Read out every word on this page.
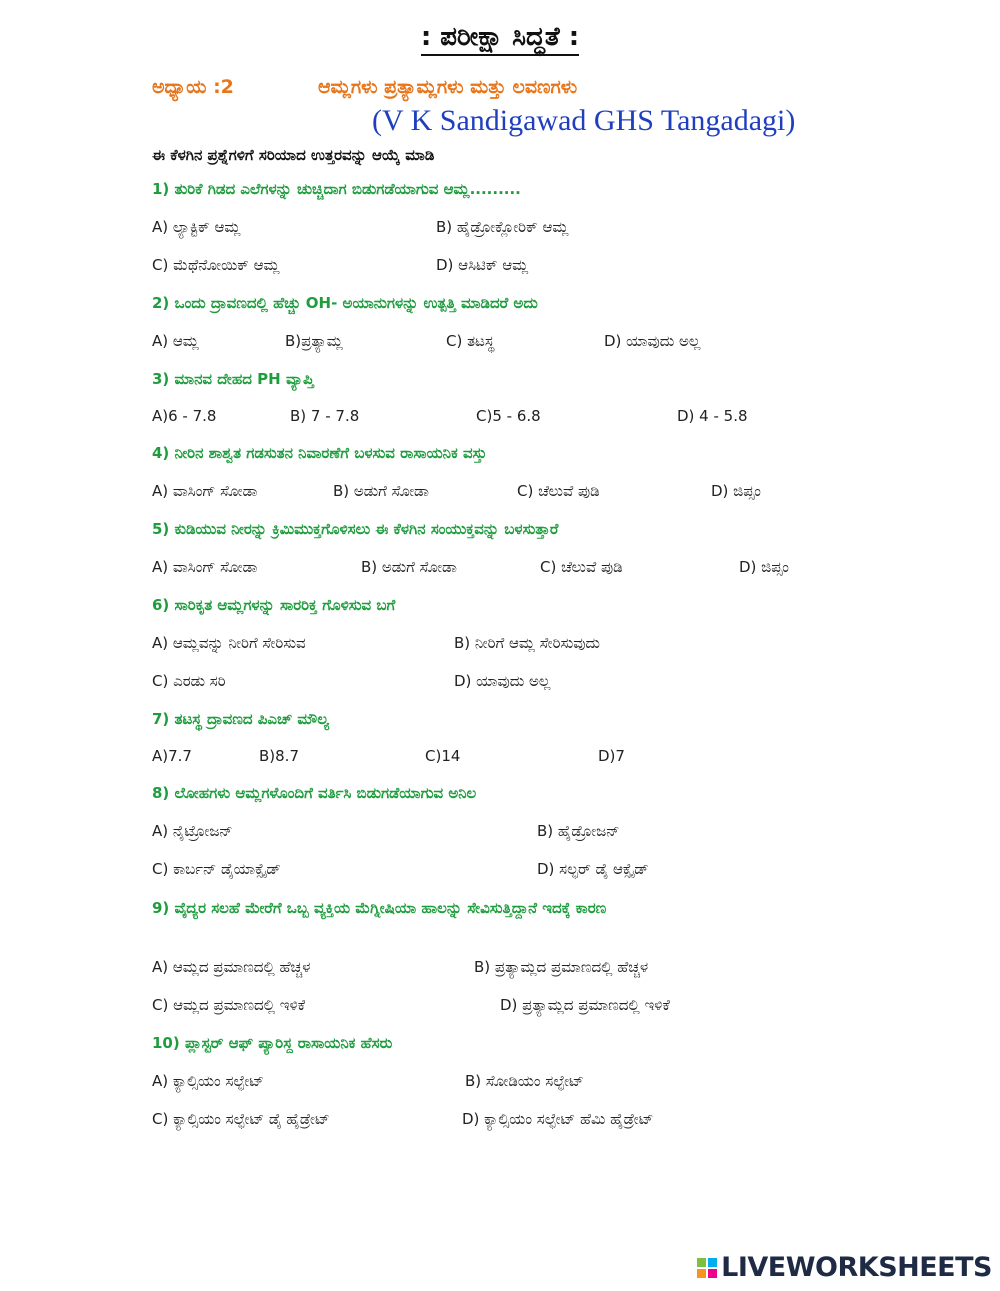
: ಪರೀಕ್ಷಾ ಸಿದ್ಧತೆ :
ಅಧ್ಯಾಯ :2	ಆಮ್ಲಗಳು ಪ್ರತ್ಯಾಮ್ಲಗಳು ಮತ್ತು ಲವಣಗಳು
(V K Sandigawad GHS Tangadagi)
ಈ ಕೆಳಗಿನ ಪ್ರಶ್ನೆಗಳಿಗೆ ಸರಿಯಾದ ಉತ್ತರವನ್ನು ಆಯ್ಕೆ ಮಾಡಿ
1) ತುರಿಕೆ ಗಿಡದ ಎಲೆಗಳನ್ನು ಚುಚ್ಚಿದಾಗ ಬಿಡುಗಡೆಯಾಗುವ ಆಮ್ಲ.........
A) ಲ್ಯಾಕ್ಟಿಕ್ ಆಮ್ಲ	B) ಹೈಡ್ರೋಕ್ಲೋರಿಕ್ ಆಮ್ಲ
C) ಮೆಥೆನೋಯಿಕ್ ಆಮ್ಲ	D) ಆಸಿಟಿಕ್ ಆಮ್ಲ
2) ಒಂದು ದ್ರಾವಣದಲ್ಲಿ ಹೆಚ್ಚು OH- ಅಯಾನುಗಳನ್ನು ಉತ್ಪತ್ತಿ ಮಾಡಿದರೆ ಅದು
A) ಆಮ್ಲ	B)ಪ್ರತ್ಯಾಮ್ಲ	C) ತಟಸ್ಥ	D) ಯಾವುದು ಅಲ್ಲ
3) ಮಾನವ ದೇಹದ PH ವ್ಯಾಪ್ತಿ
A)6 - 7.8	B) 7 - 7.8	C)5 - 6.8	D) 4 - 5.8
4) ನೀರಿನ ಶಾಶ್ವತ ಗಡಸುತನ ನಿವಾರಣೆಗೆ ಬಳಸುವ ರಾಸಾಯನಿಕ ವಸ್ತು
A) ವಾಸಿಂಗ್ ಸೋಡಾ	B) ಅಡುಗೆ ಸೋಡಾ	C) ಚೆಲುವೆ ಪುಡಿ	D) ಜಿಪ್ಸಂ
5) ಕುಡಿಯುವ ನೀರನ್ನು ಕ್ರಿಮಿಮುಕ್ತಗೊಳಿಸಲು ಈ ಕೆಳಗಿನ ಸಂಯುಕ್ತವನ್ನು ಬಳಸುತ್ತಾರೆ
A) ವಾಸಿಂಗ್ ಸೋಡಾ	B) ಅಡುಗೆ ಸೋಡಾ	C) ಚೆಲುವೆ ಪುಡಿ	D) ಜಿಪ್ಸಂ
6) ಸಾರಿಕೃತ ಆಮ್ಲಗಳನ್ನು ಸಾರರಿಕ್ತ ಗೊಳಿಸುವ ಬಗೆ
A) ಆಮ್ಲವನ್ನು ನೀರಿಗೆ ಸೇರಿಸುವ	B) ನೀರಿಗೆ ಆಮ್ಲ ಸೇರಿಸುವುದು
C) ಎರಡು ಸರಿ	D) ಯಾವುದು ಅಲ್ಲ
7) ತಟಸ್ಥ ದ್ರಾವಣದ ಪಿಎಚ್ ಮೌಲ್ಯ
A)7.7	B)8.7	C)14	D)7
8) ಲೋಹಗಳು ಆಮ್ಲಗಳೊಂದಿಗೆ ವರ್ತಿಸಿ ಬಿಡುಗಡೆಯಾಗುವ ಅನಿಲ
A) ನೈಟ್ರೋಜನ್	B) ಹೈಡ್ರೋಜನ್
C) ಕಾರ್ಬನ್ ಡೈಯಾಕ್ಸೈಡ್	D) ಸಲ್ಫರ್ ಡೈ ಆಕ್ಸೈಡ್
9) ವೈದ್ಯರ ಸಲಹೆ ಮೇರೆಗೆ ಒಬ್ಬ ವ್ಯಕ್ತಿಯ ಮೆಗ್ನೀಷಿಯಾ ಹಾಲನ್ನು ಸೇವಿಸುತ್ತಿದ್ದಾನೆ ಇದಕ್ಕೆ ಕಾರಣ
A) ಆಮ್ಲದ ಪ್ರಮಾಣದಲ್ಲಿ ಹೆಚ್ಚಳ	B) ಪ್ರತ್ಯಾಮ್ಲದ ಪ್ರಮಾಣದಲ್ಲಿ ಹೆಚ್ಚಳ
C) ಆಮ್ಲದ ಪ್ರಮಾಣದಲ್ಲಿ ಇಳಿಕೆ	D) ಪ್ರತ್ಯಾಮ್ಲದ ಪ್ರಮಾಣದಲ್ಲಿ ಇಳಿಕೆ
10) ಪ್ಲಾಸ್ಟರ್ ಆಫ್ ಪ್ಯಾರಿಸ್ದ ರಾಸಾಯನಿಕ ಹೆಸರು
A) ಕ್ಯಾಲ್ಸಿಯಂ ಸಲ್ಫೇಟ್	B) ಸೋಡಿಯಂ ಸಲ್ಫೇಟ್
C) ಕ್ಯಾಲ್ಸಿಯಂ ಸಲ್ಫೇಟ್ ಡೈ ಹೈಡ್ರೇಟ್	D) ಕ್ಯಾಲ್ಸಿಯಂ ಸಲ್ಫೇಟ್ ಹೆಮಿ ಹೈಡ್ರೇಟ್
LIVEWORKSHEETS
